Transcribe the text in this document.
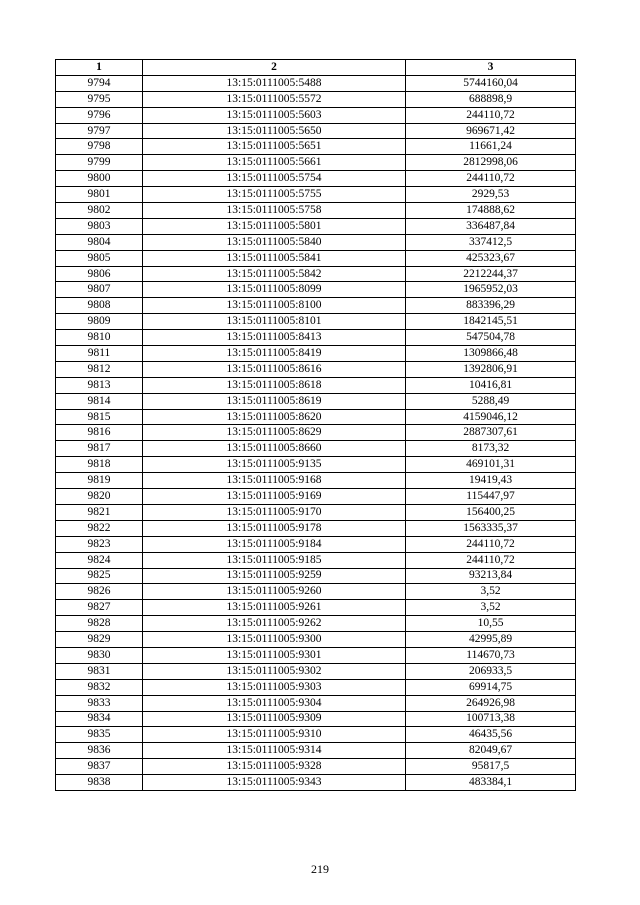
1	2	3
9794	13:15:0111005:5488	5744160,04
9795	13:15:0111005:5572	688898,9
9796	13:15:0111005:5603	244110,72
9797	13:15:0111005:5650	969671,42
9798	13:15:0111005:5651	11661,24
9799	13:15:0111005:5661	2812998,06
9800	13:15:0111005:5754	244110,72
9801	13:15:0111005:5755	2929,53
9802	13:15:0111005:5758	174888,62
9803	13:15:0111005:5801	336487,84
9804	13:15:0111005:5840	337412,5
9805	13:15:0111005:5841	425323,67
9806	13:15:0111005:5842	2212244,37
9807	13:15:0111005:8099	1965952,03
9808	13:15:0111005:8100	883396,29
9809	13:15:0111005:8101	1842145,51
9810	13:15:0111005:8413	547504,78
9811	13:15:0111005:8419	1309866,48
9812	13:15:0111005:8616	1392806,91
9813	13:15:0111005:8618	10416,81
9814	13:15:0111005:8619	5288,49
9815	13:15:0111005:8620	4159046,12
9816	13:15:0111005:8629	2887307,61
9817	13:15:0111005:8660	8173,32
9818	13:15:0111005:9135	469101,31
9819	13:15:0111005:9168	19419,43
9820	13:15:0111005:9169	115447,97
9821	13:15:0111005:9170	156400,25
9822	13:15:0111005:9178	1563335,37
9823	13:15:0111005:9184	244110,72
9824	13:15:0111005:9185	244110,72
9825	13:15:0111005:9259	93213,84
9826	13:15:0111005:9260	3,52
9827	13:15:0111005:9261	3,52
9828	13:15:0111005:9262	10,55
9829	13:15:0111005:9300	42995,89
9830	13:15:0111005:9301	114670,73
9831	13:15:0111005:9302	206933,5
9832	13:15:0111005:9303	69914,75
9833	13:15:0111005:9304	264926,98
9834	13:15:0111005:9309	100713,38
9835	13:15:0111005:9310	46435,56
9836	13:15:0111005:9314	82049,67
9837	13:15:0111005:9328	95817,5
9838	13:15:0111005:9343	483384,1
219
